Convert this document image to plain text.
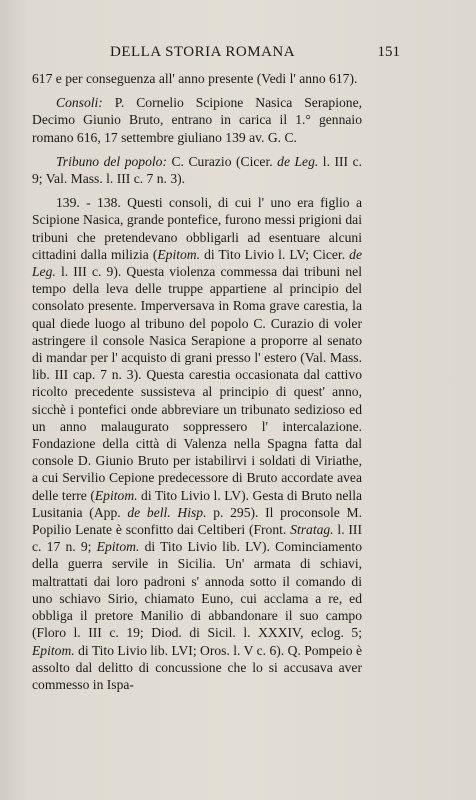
DELLA STORIA ROMANA	151

617 e per conseguenza all' anno presente (Vedi l' anno 617).

Consoli: P. Cornelio Scipione Nasica Serapione, Decimo Giunio Bruto, entrano in carica il 1.° gennaio romano 616, 17 settembre giuliano 139 av. G. C.

Tribuno del popolo: C. Curazio (Cicer. de Leg. l. III c. 9; Val. Mass. l. III c. 7 n. 3).

139. - 138. Questi consoli, di cui l' uno era figlio a Scipione Nasica, grande pontefice, furono messi prigioni dai tribuni che pretendevano obbligarli ad esentuare alcuni cittadini dalla milizia (Epitom. di Tito Livio l. LV; Cicer. de Leg. l. III c. 9). Questa violenza commessa dai tribuni nel tempo della leva delle truppe appartiene al principio del consolato presente. Imperversava in Roma grave carestia, la qual diede luogo al tribuno del popolo C. Curazio di voler astringere il console Nasica Serapione a proporre al senato di mandar per l' acquisto di grani presso l' estero (Val. Mass. lib. III cap. 7 n. 3). Questa carestia occasionata dal cattivo ricolto precedente sussisteva al principio di quest' anno, sicchè i pontefici onde abbreviare un tribunato sedizioso ed un anno malaugurato soppressero l' intercalazione. Fondazione della città di Valenza nella Spagna fatta dal console D. Giunio Bruto per istabilirvi i soldati di Viriathe, a cui Servilio Cepione predecessore di Bruto accordate avea delle terre (Epitom. di Tito Livio l. LV). Gesta di Bruto nella Lusitania (App. de bell. Hisp. p. 295). Il proconsole M. Popilio Lenate è sconfitto dai Celtiberi (Front. Stratag. l. III c. 17 n. 9; Epitom. di Tito Livio lib. LV). Cominciamento della guerra servile in Sicilia. Un' armata di schiavi, maltrattati dai loro padroni s' annoda sotto il comando di uno schiavo Sirio, chiamato Euno, cui acclama a re, ed obbliga il pretore Manilio di abbandonare il suo campo (Floro l. III c. 19; Diod. di Sicil. l. XXXIV, eclog. 5; Epitom. di Tito Livio lib. LVI; Oros. l. V c. 6). Q. Pompeio è assolto dal delitto di concussione che lo si accusava aver commesso in Ispa-
